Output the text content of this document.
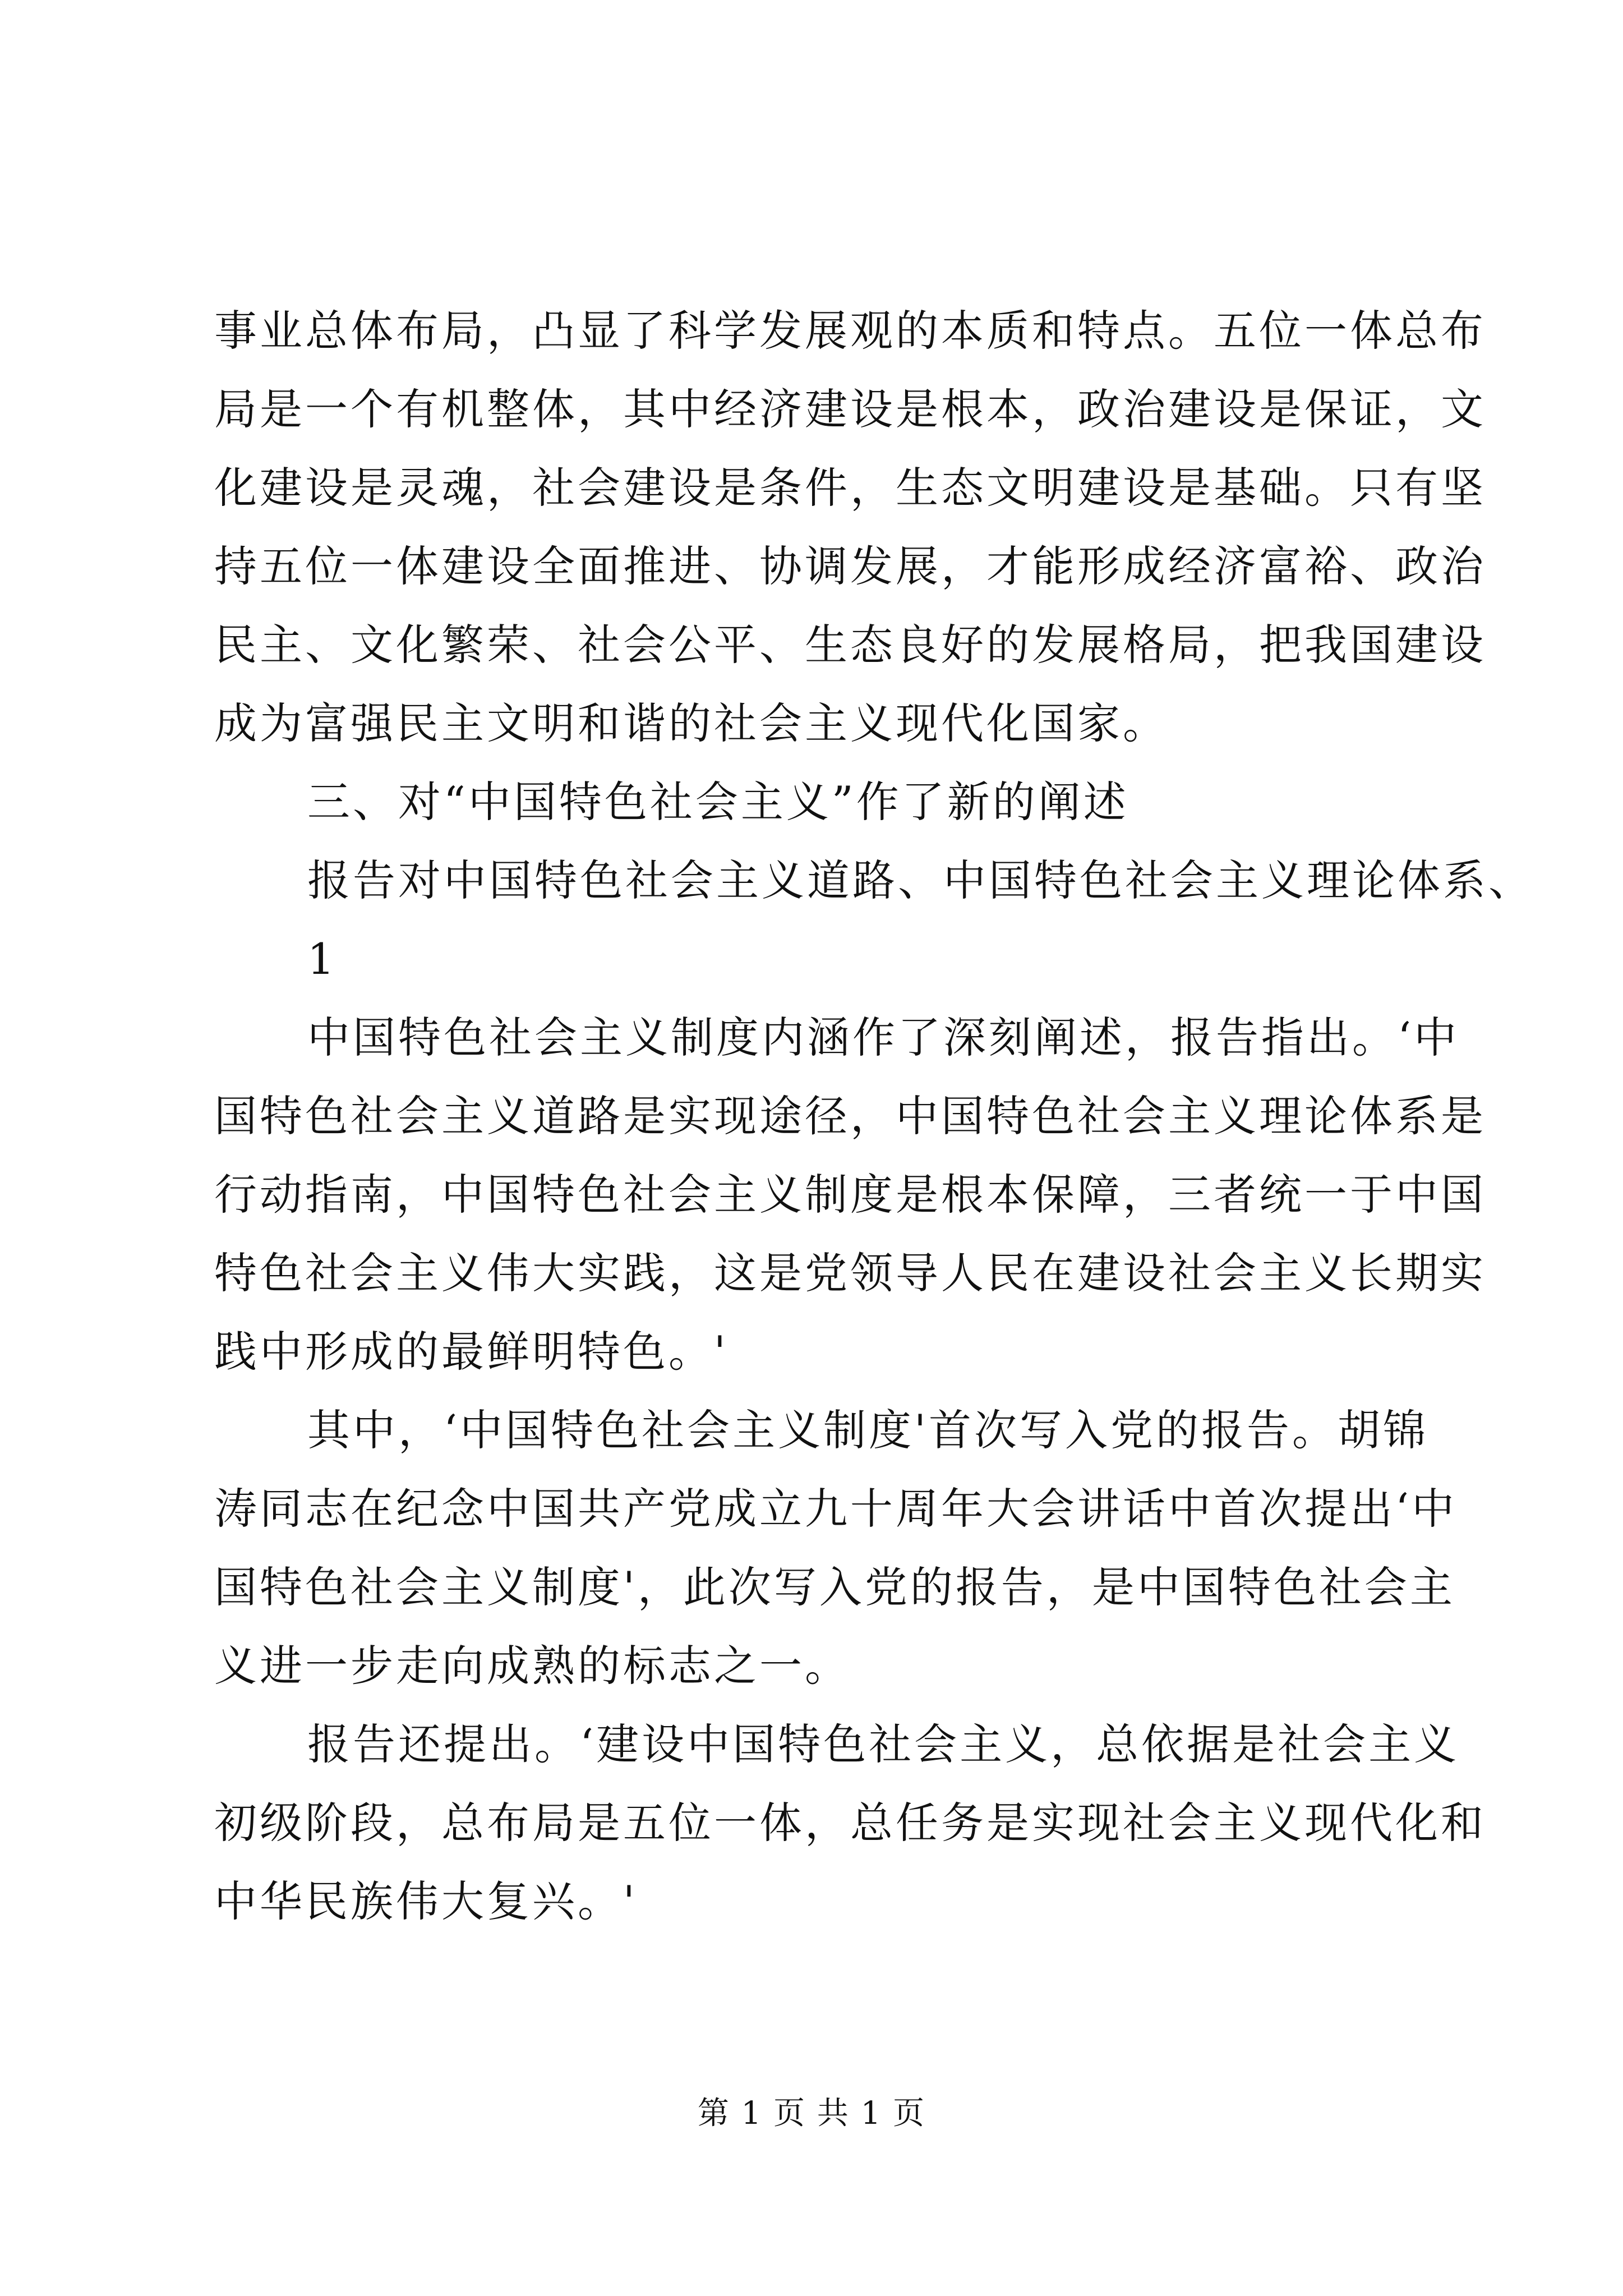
事业总体布局，凸显了科学发展观的本质和特点。五位一体总布
局是一个有机整体，其中经济建设是根本，政治建设是保证，文
化建设是灵魂，社会建设是条件，生态文明建设是基础。只有坚
持五位一体建设全面推进、协调发展，才能形成经济富裕、政治
民主、文化繁荣、社会公平、生态良好的发展格局，把我国建设
成为富强民主文明和谐的社会主义现代化国家。
三、对“中国特色社会主义”作了新的阐述
报告对中国特色社会主义道路、中国特色社会主义理论体系、
1
中国特色社会主义制度内涵作了深刻阐述，报告指出。‘中
国特色社会主义道路是实现途径，中国特色社会主义理论体系是
行动指南，中国特色社会主义制度是根本保障，三者统一于中国
特色社会主义伟大实践，这是党领导人民在建设社会主义长期实
践中形成的最鲜明特色。'
其中，‘中国特色社会主义制度'首次写入党的报告。胡锦
涛同志在纪念中国共产党成立九十周年大会讲话中首次提出‘中
国特色社会主义制度'，此次写入党的报告，是中国特色社会主
义进一步走向成熟的标志之一。
报告还提出。‘建设中国特色社会主义，总依据是社会主义
初级阶段，总布局是五位一体，总任务是实现社会主义现代化和
中华民族伟大复兴。'
第 1 页 共 1 页
